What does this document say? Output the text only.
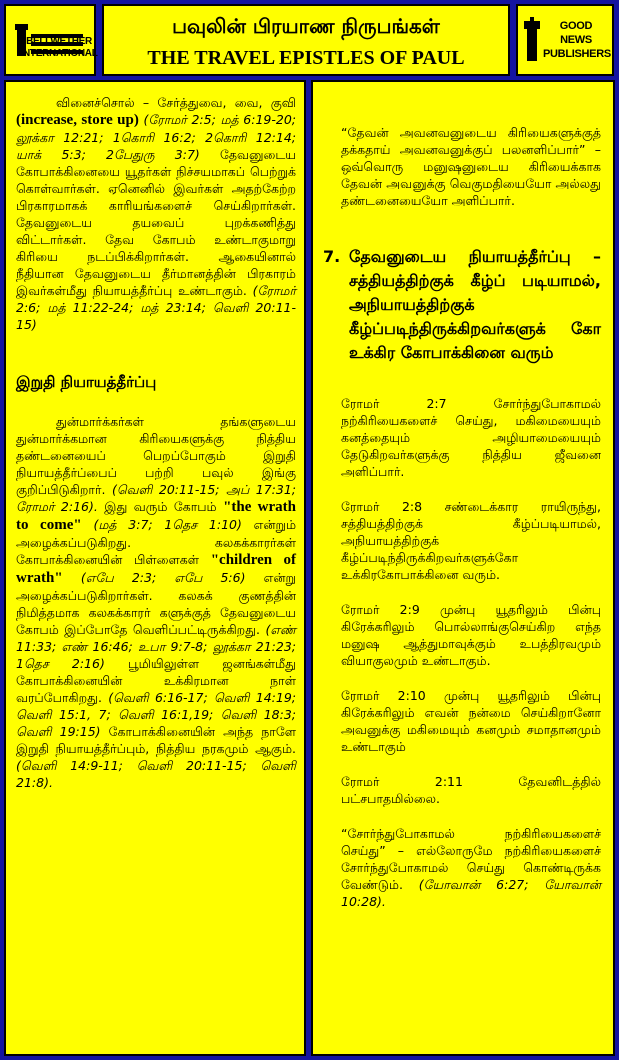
BELLWETHER INTERNATIONAL
பவுலின் பிரயாண நிருபங்கள்
THE TRAVEL EPISTLES OF PAUL
GOOD NEWS PUBLISHERS

வினைச்சொல் – சேர்த்துவை, வை, குவி (increase, store up) (ரோமர் 2:5; மத் 6:19-20; லூக்கா 12:21; 1கொரி 16:2; 2கொரி 12:14; யாக் 5:3; 2பேதுரு 3:7) தேவனுடைய கோபாக்கினையை யூதர்கள் நிச்சயமாகப் பெற்றுக் கொள்வார்கள். ஏனெனில் இவர்கள் அதற்கேற்ற பிரகாரமாகக் காரியங்களைச் செய்கிறார்கள். தேவனுடைய தயவைப் புறக்கணித்து விட்டார்கள். தேவ கோபம் உண்டாகுமாறு கிரியை நடப்பிக்கிறார்கள். ஆகையினால் நீதியான தேவனுடைய தீர்மானத்தின் பிரகாரம் இவர்கள்மீது நியாயத்தீர்ப்பு உண்டாகும். (ரோமர் 2:6; மத் 11:22-24; மத் 23:14; வெளி 20:11-15)

இறுதி நியாயத்தீர்ப்பு

துன்மார்க்கர்கள் தங்களுடைய துன்மார்க்கமான கிரியைகளுக்கு நித்திய தண்டனையைப் பெறப்போகும் இறுதி நியாயத்தீர்ப்பைப் பற்றி பவுல் இங்கு குறிப்பிடுகிறார். (வெளி 20:11-15; அப் 17:31; ரோமர் 2:16). இது வரும் கோபம் "the wrath to come" (மத் 3:7; 1தெச 1:10) என்றும் அழைக்கப்படுகிறது. கலகக்காரர்கள் கோபாக்கினையின் பிள்ளைகள் "children of wrath" (எபே 2:3; எபே 5:6) என்று அழைக்கப்படுகிறார்கள். கலகக் குணத்தின் நிமித்தமாக கலகக்காரர் களுக்குத் தேவனுடைய கோபம் இப்போதே வெளிப்பட்டிருக்கிறது. (எண் 11:33; எண் 16:46; உபா 9:7-8; லூக்கா 21:23; 1தெச 2:16) பூமியிலுள்ள ஜனங்கள்மீது கோபாக்கினையின் உக்கிரமான நாள் வரப்போகிறது. (வெளி 6:16-17; வெளி 14:19; வெளி 15:1, 7; வெளி 16:1,19; வெளி 18:3; வெளி 19:15) கோபாக்கினையின் அந்த நாளே இறுதி நியாயத்தீர்ப்பும், நித்திய நரகமும் ஆகும். (வெளி 14:9-11; வெளி 20:11-15; வெளி 21:8).

“தேவன் அவனவனுடைய கிரியைகளுக்குத் தக்கதாய் அவனவனுக்குப் பலனளிப்பார்” – ஒவ்வொரு மனுஷனுடைய கிரியைக்காக தேவன் அவனுக்கு வெகுமதியையோ அல்லது தண்டனையையோ அளிப்பார்.

7. தேவனுடைய நியாயத்தீர்ப்பு – சத்தியத்திற்குக் கீழ்ப் படியாமல், அநியாயத்திற்குக் கீழ்ப்படிந்திருக்கிறவர்களுக் கோ உக்கிர கோபாக்கினை வரும்

ரோமர் 2:7 சோர்ந்துபோகாமல் நற்கிரியைகளைச் செய்து, மகிமையையும் கனத்தையும் அழியாமையையும் தேடுகிறவர்களுக்கு நித்திய ஜீவனை அளிப்பார்.

ரோமர் 2:8 சண்டைக்கார ராயிருந்து, சத்தியத்திற்குக் கீழ்ப்படியாமல், அநியாயத்திற்குக் கீழ்ப்படிந்திருக்கிறவர்களுக்கோ உக்கிரகோபாக்கினை வரும்.

ரோமர் 2:9 முன்பு யூதரிலும் பின்பு கிரேக்கரிலும் பொல்லாங்குசெய்கிற எந்த மனுஷ ஆத்துமாவுக்கும் உபத்திரவமும் வியாகுலமும் உண்டாகும்.

ரோமர் 2:10 முன்பு யூதரிலும் பின்பு கிரேக்கரிலும் எவன் நன்மை செய்கிறானோ அவனுக்கு மகிமையும் கனமும் சமாதானமும் உண்டாகும்

ரோமர் 2:11 தேவனிடத்தில் பட்சபாதமில்லை.

“சோர்ந்துபோகாமல் நற்கிரியைகளைச் செய்து” – எல்லோருமே நற்கிரியைகளைச் சோர்ந்துபோகாமல் செய்து கொண்டிருக்க வேண்டும். (யோவான் 6:27; யோவான் 10:28).
